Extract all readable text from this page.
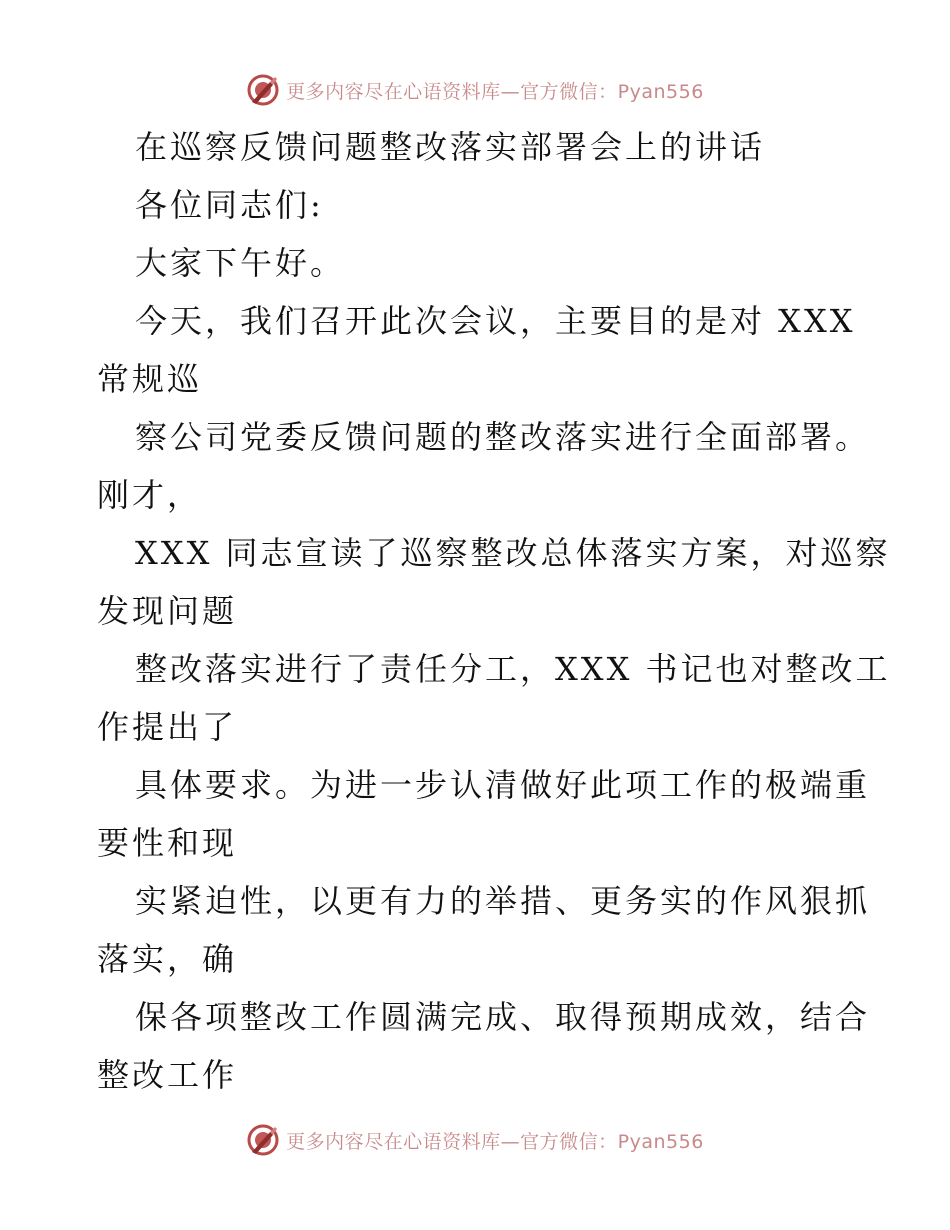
更多内容尽在心语资料库—官方微信：Pyan556
在巡察反馈问题整改落实部署会上的讲话
各位同志们:
大家下午好。
今天，我们召开此次会议，主要目的是对 XXX
常规巡
察公司党委反馈问题的整改落实进行全面部署。
刚才，
XXX 同志宣读了巡察整改总体落实方案，对巡察
发现问题
整改落实进行了责任分工，XXX 书记也对整改工
作提出了
具体要求。为进一步认清做好此项工作的极端重
要性和现
实紧迫性，以更有力的举措、更务实的作风狠抓
落实，确
保各项整改工作圆满完成、取得预期成效，结合
整改工作
更多内容尽在心语资料库—官方微信：Pyan556
